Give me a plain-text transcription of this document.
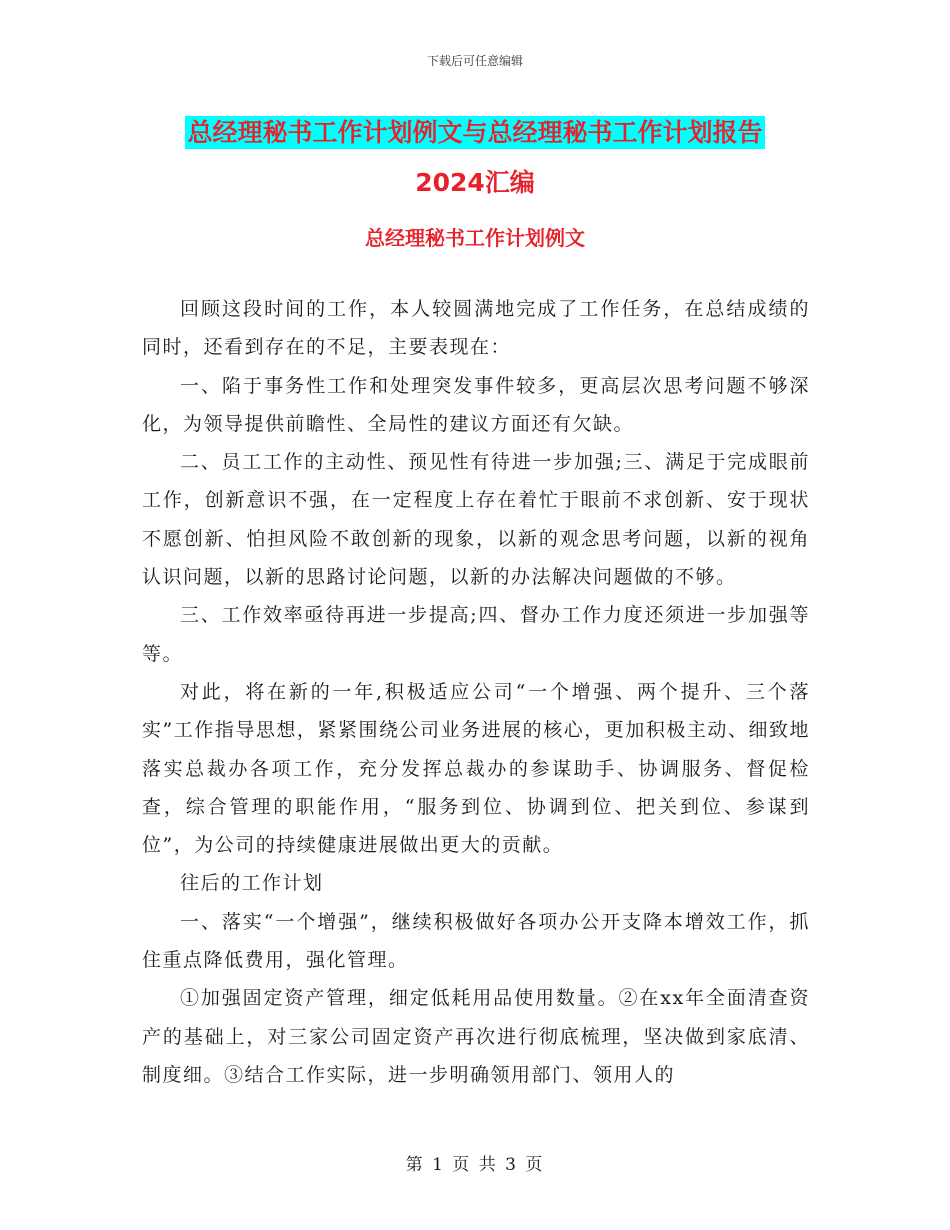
下载后可任意编辑
总经理秘书工作计划例文与总经理秘书工作计划报告
2024汇编
总经理秘书工作计划例文

回顾这段时间的工作，本人较圆满地完成了工作任务，在总结成绩的同时，还看到存在的不足，主要表现在：

一、陷于事务性工作和处理突发事件较多，更高层次思考问题不够深化，为领导提供前瞻性、全局性的建议方面还有欠缺。

二、员工工作的主动性、预见性有待进一步加强;三、满足于完成眼前工作，创新意识不强，在一定程度上存在着忙于眼前不求创新、安于现状不愿创新、怕担风险不敢创新的现象，以新的观念思考问题，以新的视角认识问题，以新的思路讨论问题，以新的办法解决问题做的不够。

三、工作效率亟待再进一步提高;四、督办工作力度还须进一步加强等等。

对此，将在新的一年,积极适应公司“一个增强、两个提升、三个落实”工作指导思想，紧紧围绕公司业务进展的核心，更加积极主动、细致地落实总裁办各项工作，充分发挥总裁办的参谋助手、协调服务、督促检查，综合管理的职能作用，“服务到位、协调到位、把关到位、参谋到位”，为公司的持续健康进展做出更大的贡献。

往后的工作计划

一、落实“一个增强”，继续积极做好各项办公开支降本增效工作，抓住重点降低费用，强化管理。

①加强固定资产管理，细定低耗用品使用数量。②在xx年全面清查资产的基础上，对三家公司固定资产再次进行彻底梳理，坚决做到家底清、制度细。③结合工作实际，进一步明确领用部门、领用人的

第 1 页 共 3 页
